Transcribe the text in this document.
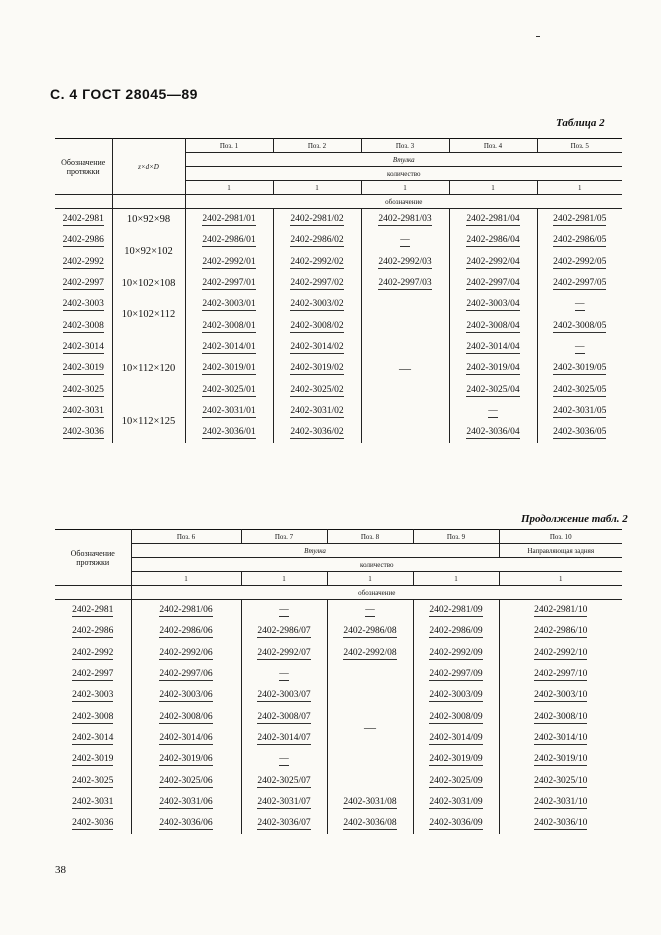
С. 4 ГОСТ 28045—89
Таблица 2
Обозначение протяжки	z×d×D	Поз. 1	Поз. 2	Поз. 3	Поз. 4	Поз. 5
		Втулка				
		количество				
		1	1	1	1	1
		обозначение				
2402-2981	10×92×98	2402-2981/01	2402-2981/02	2402-2981/03	2402-2981/04	2402-2981/05
2402-2986	10×92×102	2402-2986/01	2402-2986/02	—	2402-2986/04	2402-2986/05
2402-2992		2402-2992/01	2402-2992/02	2402-2992/03	2402-2992/04	2402-2992/05
2402-2997	10×102×108	2402-2997/01	2402-2997/02	2402-2997/03	2402-2997/04	2402-2997/05
2402-3003	10×102×112	2402-3003/01	2402-3003/02	—	2402-3003/04	—
2402-3008		2402-3008/01	2402-3008/02		2402-3008/04	2402-3008/05
2402-3014	10×112×120	2402-3014/01	2402-3014/02		2402-3014/04	—
2402-3019		2402-3019/01	2402-3019/02		2402-3019/04	2402-3019/05
2402-3025		2402-3025/01	2402-3025/02		2402-3025/04	2402-3025/05
2402-3031	10×112×125	2402-3031/01	2402-3031/02		—	2402-3031/05
2402-3036		2402-3036/01	2402-3036/02		2402-3036/04	2402-3036/05
Продолжение табл. 2
Обозначение протяжки	Поз. 6	Поз. 7	Поз. 8	Поз. 9	Поз. 10
	Втулка				Направляющая задняя
	количество				
	1	1	1	1	1
	обозначение				
2402-2981	2402-2981/06	—	—	2402-2981/09	2402-2981/10
2402-2986	2402-2986/06	2402-2986/07	2402-2986/08	2402-2986/09	2402-2986/10
2402-2992	2402-2992/06	2402-2992/07	2402-2992/08	2402-2992/09	2402-2992/10
2402-2997	2402-2997/06	—	—	2402-2997/09	2402-2997/10
2402-3003	2402-3003/06	2402-3003/07		2402-3003/09	2402-3003/10
2402-3008	2402-3008/06	2402-3008/07		2402-3008/09	2402-3008/10
2402-3014	2402-3014/06	2402-3014/07		2402-3014/09	2402-3014/10
2402-3019	2402-3019/06	—		2402-3019/09	2402-3019/10
2402-3025	2402-3025/06	2402-3025/07		2402-3025/09	2402-3025/10
2402-3031	2402-3031/06	2402-3031/07	2402-3031/08	2402-3031/09	2402-3031/10
2402-3036	2402-3036/06	2402-3036/07	2402-3036/08	2402-3036/09	2402-3036/10
38
